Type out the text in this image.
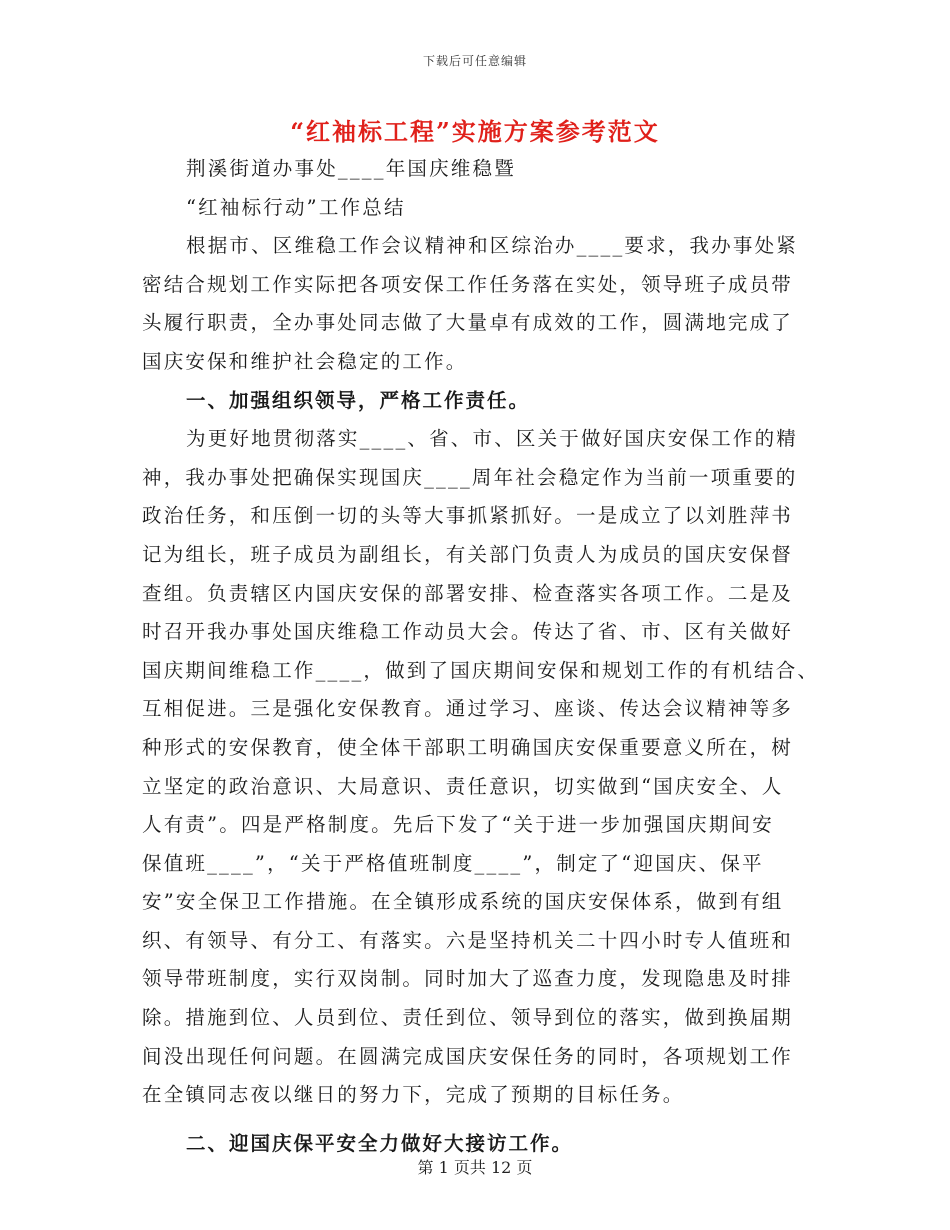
下载后可任意编辑
“红袖标工程”实施方案参考范文
荆溪街道办事处____年国庆维稳暨
“红袖标行动”工作总结
根据市、区维稳工作会议精神和区综治办____要求，我办事处紧
密结合规划工作实际把各项安保工作任务落在实处，领导班子成员带
头履行职责，全办事处同志做了大量卓有成效的工作，圆满地完成了
国庆安保和维护社会稳定的工作。
一、加强组织领导，严格工作责任。
为更好地贯彻落实____、省、市、区关于做好国庆安保工作的精
神，我办事处把确保实现国庆____周年社会稳定作为当前一项重要的
政治任务，和压倒一切的头等大事抓紧抓好。一是成立了以刘胜萍书
记为组长，班子成员为副组长，有关部门负责人为成员的国庆安保督
查组。负责辖区内国庆安保的部署安排、检查落实各项工作。二是及
时召开我办事处国庆维稳工作动员大会。传达了省、市、区有关做好
国庆期间维稳工作____，做到了国庆期间安保和规划工作的有机结合、
互相促进。三是强化安保教育。通过学习、座谈、传达会议精神等多
种形式的安保教育，使全体干部职工明确国庆安保重要意义所在，树
立坚定的政治意识、大局意识、责任意识，切实做到“国庆安全、人
人有责”。四是严格制度。先后下发了“关于进一步加强国庆期间安
保值班____”，“关于严格值班制度____”，制定了“迎国庆、保平
安”安全保卫工作措施。在全镇形成系统的国庆安保体系，做到有组
织、有领导、有分工、有落实。六是坚持机关二十四小时专人值班和
领导带班制度，实行双岗制。同时加大了巡查力度，发现隐患及时排
除。措施到位、人员到位、责任到位、领导到位的落实，做到换届期
间没出现任何问题。在圆满完成国庆安保任务的同时，各项规划工作
在全镇同志夜以继日的努力下，完成了预期的目标任务。
二、迎国庆保平安全力做好大接访工作。
第 1 页共 12 页
